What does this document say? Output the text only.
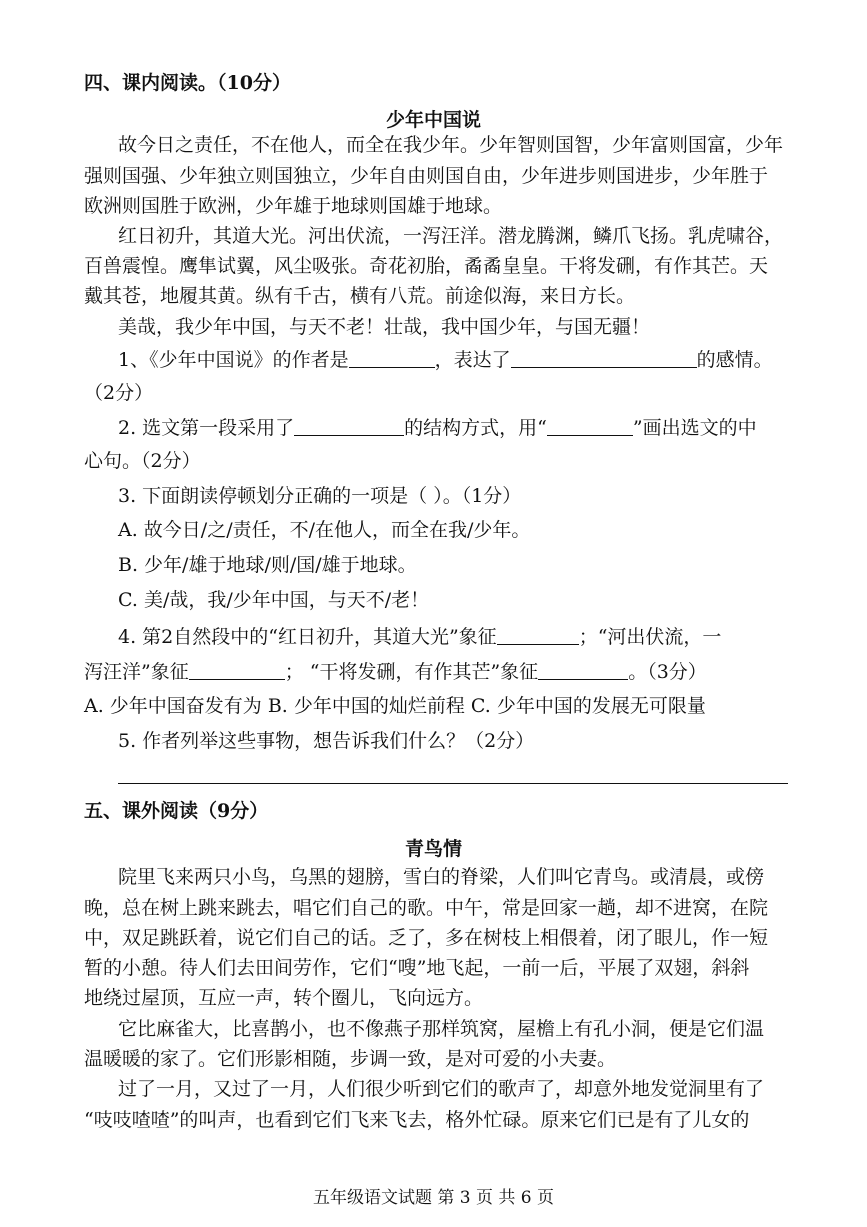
四、课内阅读。（10分）
少年中国说
故今日之责任，不在他人，而全在我少年。少年智则国智，少年富则国富，少年
强则国强、少年独立则国独立，少年自由则国自由，少年进步则国进步，少年胜于
欧洲则国胜于欧洲，少年雄于地球则国雄于地球。
红日初升，其道大光。河出伏流，一泻汪洋。潜龙腾渊，鳞爪飞扬。乳虎啸谷，
百兽震惶。鹰隼试翼，风尘吸张。奇花初胎，矞矞皇皇。干将发硎，有作其芒。天
戴其苍，地履其黄。纵有千古，横有八荒。前途似海，来日方长。
美哉，我少年中国，与天不老！壮哉，我中国少年，与国无疆！
1、《少年中国说》的作者是	，表达了	的感情。
（2分）
2. 选文第一段采用了	的结构方式，用“	”画出选文的中
心句。（2分）
3. 下面朗读停顿划分正确的一项是（ ）。（1分）
A. 故今日/之/责任，不/在他人，而全在我/少年。
B. 少年/雄于地球/则/国/雄于地球。
C. 美/哉，我/少年中国，与天不/老！
4. 第2自然段中的“红日初升，其道大光”象征	；“河出伏流，一
泻汪洋”象征	； “干将发硎，有作其芒”象征	。（3分）
A. 少年中国奋发有为 B. 少年中国的灿烂前程 C. 少年中国的发展无可限量
5. 作者列举这些事物，想告诉我们什么？（2分）
五、课外阅读（9分）
青鸟情
院里飞来两只小鸟，乌黑的翅膀，雪白的脊梁，人们叫它青鸟。或清晨，或傍
晚，总在树上跳来跳去，唱它们自己的歌。中午，常是回家一趟，却不进窝，在院
中，双足跳跃着，说它们自己的话。乏了，多在树枝上相偎着，闭了眼儿，作一短
暂的小憩。待人们去田间劳作，它们“嗖”地飞起，一前一后，平展了双翅，斜斜
地绕过屋顶，互应一声，转个圈儿，飞向远方。
它比麻雀大，比喜鹊小，也不像燕子那样筑窝，屋檐上有孔小洞，便是它们温
温暖暖的家了。它们形影相随，步调一致，是对可爱的小夫妻。
过了一月，又过了一月，人们很少听到它们的歌声了，却意外地发觉洞里有了
“吱吱喳喳”的叫声，也看到它们飞来飞去，格外忙碌。原来它们已是有了儿女的
五年级语文试题 第 3 页 共 6 页
